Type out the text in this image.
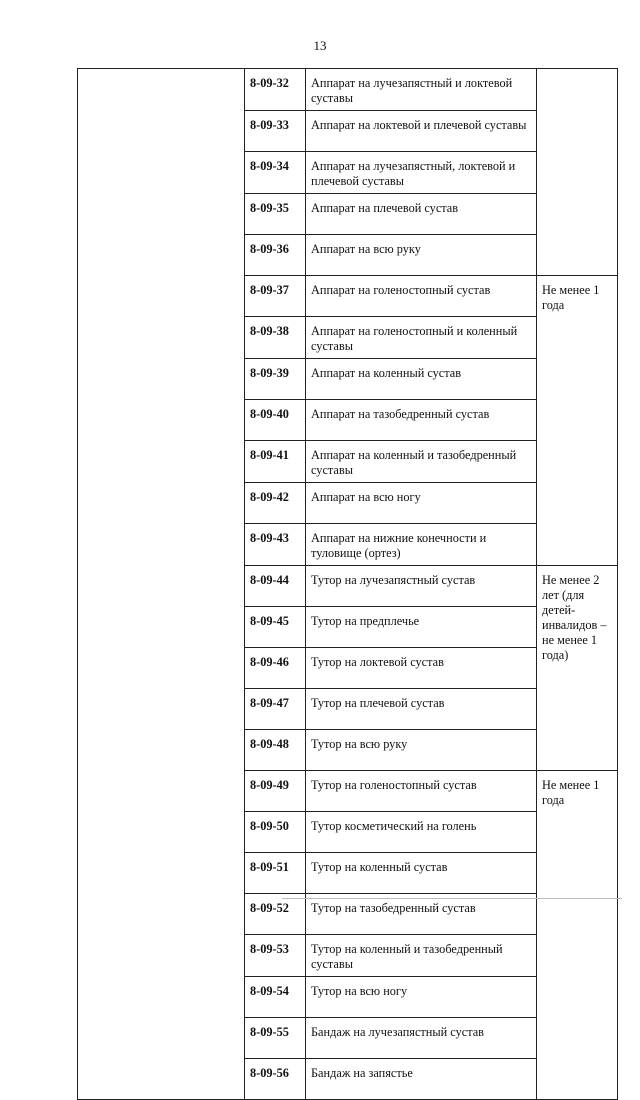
13
	8-09-32	Аппарат на лучезапястный и локтевой суставы	
	8-09-33	Аппарат на локтевой и плечевой суставы	
	8-09-34	Аппарат на лучезапястный, локтевой и плечевой суставы	
	8-09-35	Аппарат на плечевой сустав	
	8-09-36	Аппарат на всю руку	
	8-09-37	Аппарат на голеностопный сустав	Не менее 1 года
	8-09-38	Аппарат на голеностопный и коленный суставы	
	8-09-39	Аппарат на коленный сустав	
	8-09-40	Аппарат на тазобедренный сустав	
	8-09-41	Аппарат на коленный и тазобедренный суставы	
	8-09-42	Аппарат на всю ногу	
	8-09-43	Аппарат на нижние конечности и туловище (ортез)	
	8-09-44	Тутор на лучезапястный сустав	Не менее 2 лет (для детей-инвалидов – не менее 1 года)
	8-09-45	Тутор на предплечье	
	8-09-46	Тутор на локтевой сустав	
	8-09-47	Тутор на плечевой сустав	
	8-09-48	Тутор на всю руку	
	8-09-49	Тутор на голеностопный сустав	Не менее 1 года
	8-09-50	Тутор косметический на голень	
	8-09-51	Тутор на коленный сустав	
	8-09-52	Тутор на тазобедренный сустав	
	8-09-53	Тутор на коленный и тазобедренный суставы	
	8-09-54	Тутор на всю ногу	
	8-09-55	Бандаж на лучезапястный сустав	
	8-09-56	Бандаж на запястье	
